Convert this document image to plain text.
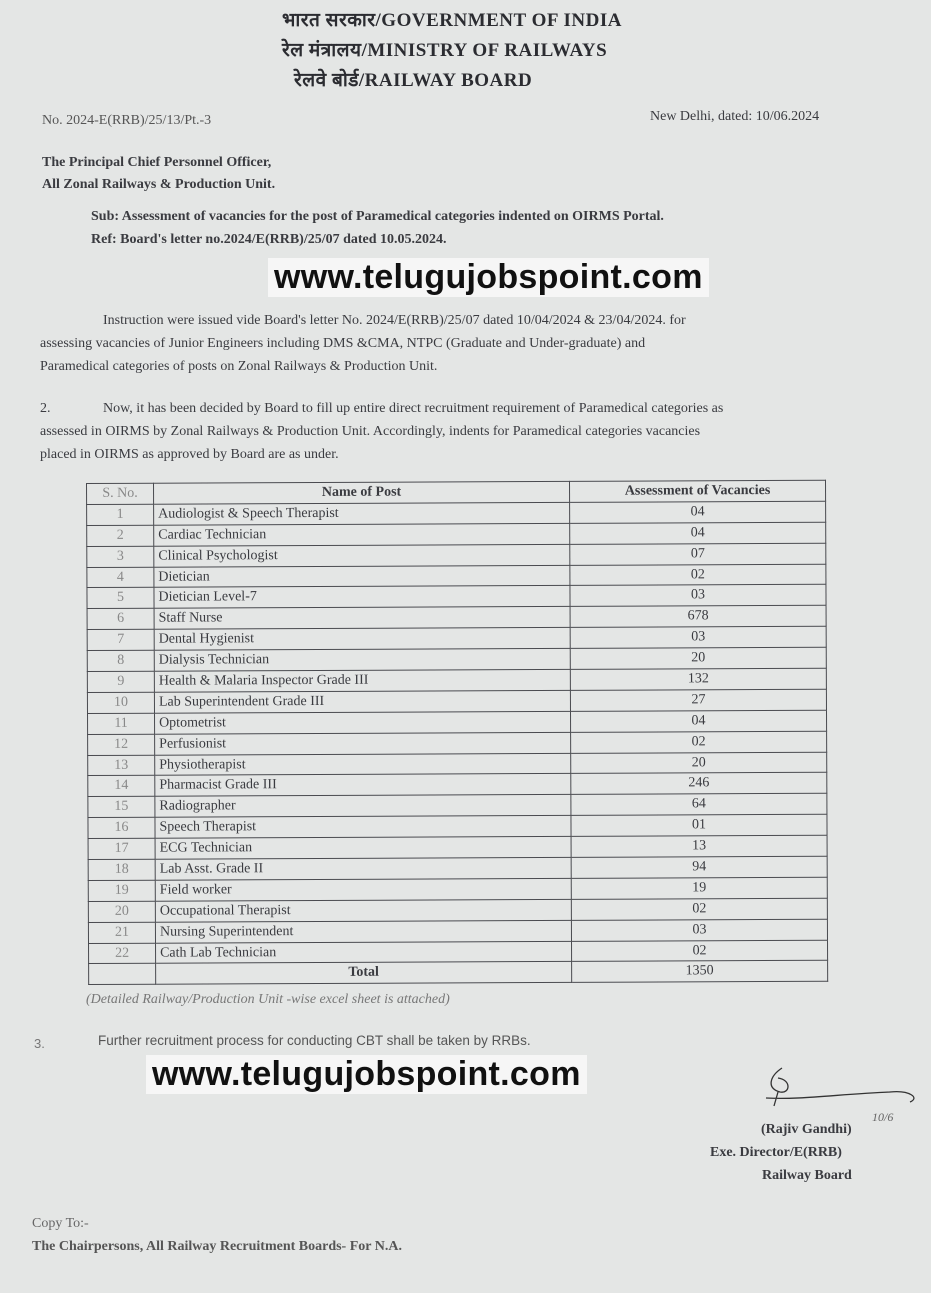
भारत सरकार/GOVERNMENT OF INDIA
रेल मंत्रालय/MINISTRY OF RAILWAYS
रेलवे बोर्ड/RAILWAY BOARD
No. 2024-E(RRB)/25/13/Pt.-3	New Delhi, dated: 10/06.2024
The Principal Chief Personnel Officer,
All Zonal Railways & Production Unit.
Sub: Assessment of vacancies for the post of Paramedical categories indented on OIRMS Portal.
Ref: Board's letter no.2024/E(RRB)/25/07 dated 10.05.2024.
www.telugujobspoint.com
Instruction were issued vide Board's letter No. 2024/E(RRB)/25/07 dated 10/04/2024 & 23/04/2024. for
assessing vacancies of Junior Engineers including DMS &CMA, NTPC (Graduate and Under-graduate) and
Paramedical categories of posts on Zonal Railways & Production Unit.
2.	Now, it has been decided by Board to fill up entire direct recruitment requirement of Paramedical categories as
assessed in OIRMS by Zonal Railways & Production Unit. Accordingly, indents for Paramedical categories vacancies
placed in OIRMS as approved by Board are as under.
S. No.	Name of Post	Assessment of Vacancies
1	Audiologist & Speech Therapist	04
2	Cardiac Technician	04
3	Clinical Psychologist	07
4	Dietician	02
5	Dietician Level-7	03
6	Staff Nurse	678
7	Dental Hygienist	03
8	Dialysis Technician	20
9	Health & Malaria Inspector Grade III	132
10	Lab Superintendent Grade III	27
11	Optometrist	04
12	Perfusionist	02
13	Physiotherapist	20
14	Pharmacist Grade III	246
15	Radiographer	64
16	Speech Therapist	01
17	ECG Technician	13
18	Lab Asst. Grade II	94
19	Field worker	19
20	Occupational Therapist	02
21	Nursing Superintendent	03
22	Cath Lab Technician	02
	Total	1350
(Detailed Railway/Production Unit -wise excel sheet is attached)
3.	Further recruitment process for conducting CBT shall be taken by RRBs.
www.telugujobspoint.com
10/6
(Rajiv Gandhi)
Exe. Director/E(RRB)
Railway Board
Copy To:-
The Chairpersons, All Railway Recruitment Boards- For N.A.
